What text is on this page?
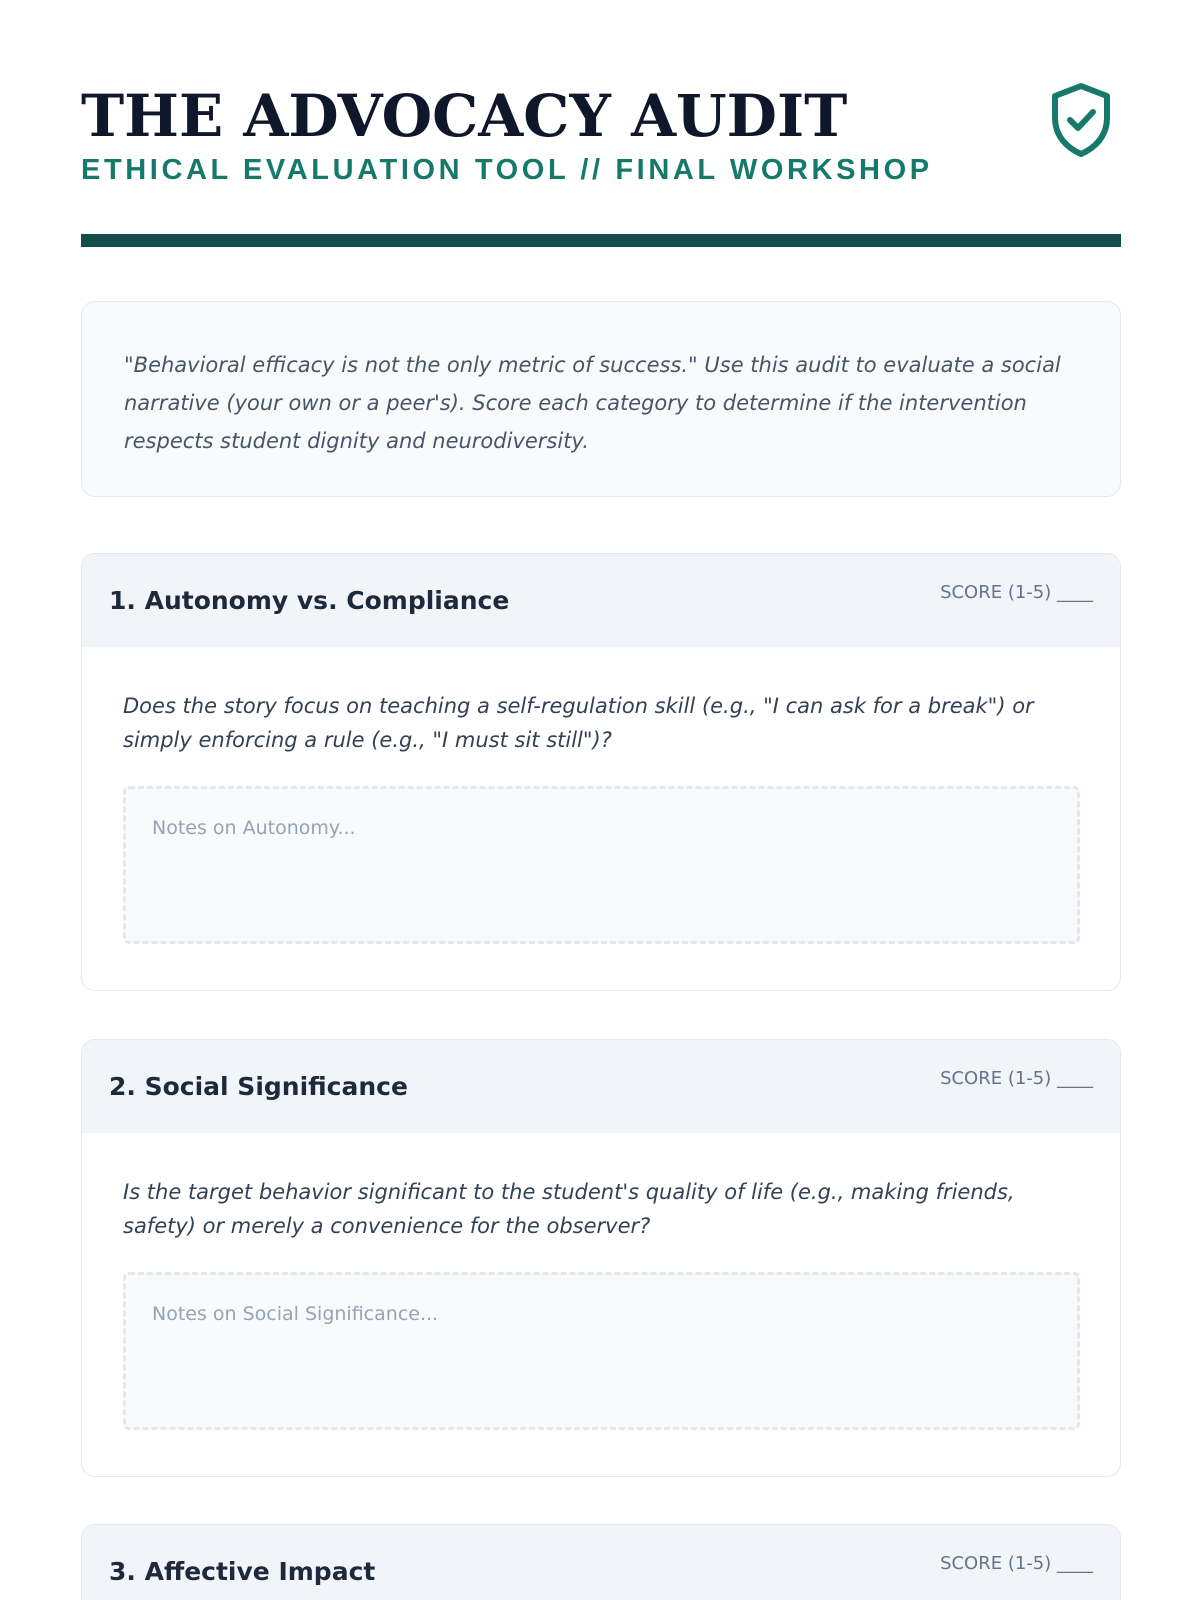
THE ADVOCACY AUDIT
ETHICAL EVALUATION TOOL // FINAL WORKSHOP

"Behavioral efficacy is not the only metric of success." Use this audit to evaluate a social narrative (your own or a peer's). Score each category to determine if the intervention respects student dignity and neurodiversity.

1. Autonomy vs. Compliance	SCORE (1-5) ____

Does the story focus on teaching a self-regulation skill (e.g., "I can ask for a break") or simply enforcing a rule (e.g., "I must sit still")?

Notes on Autonomy...
2. Social Significance	SCORE (1-5) ____

Is the target behavior significant to the student's quality of life (e.g., making friends, safety) or merely a convenience for the observer?

Notes on Social Significance...
3. Affective Impact	SCORE (1-5) ____
